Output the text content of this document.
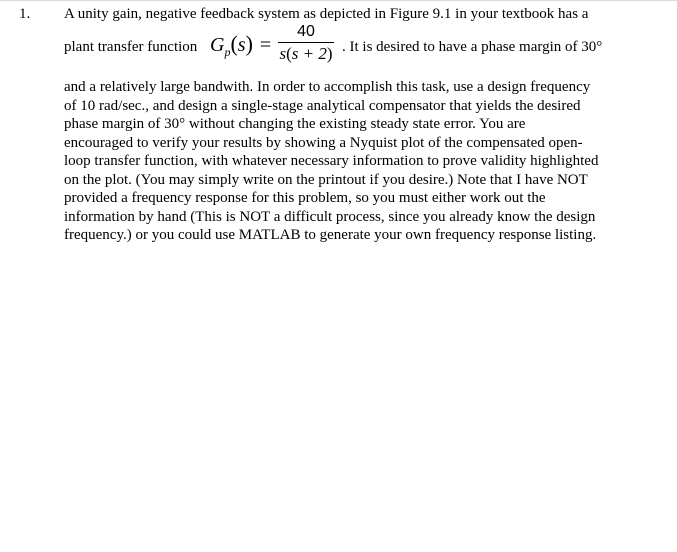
1. A unity gain, negative feedback system as depicted in Figure 9.1 in your textbook has a
plant transfer function $G_p(s)$ =
40
s(s + 2) . It is desired to have a phase margin of 30°
and a relatively large bandwith. In order to accomplish this task, use a design frequency
of 10 rad/sec., and design a single-stage analytical compensator that yields the desired
phase margin of 30° without changing the existing steady state error. You are
encouraged to verify your results by showing a Nyquist plot of the compensated open-
loop transfer function, with whatever necessary information to prove validity highlighted
on the plot. (You may simply write on the printout if you desire.) Note that I have NOT
provided a frequency response for this problem, so you must either work out the
information by hand (This is NOT a difficult process, since you already know the design
frequency.) or you could use MATLAB to generate your own frequency response listing.
